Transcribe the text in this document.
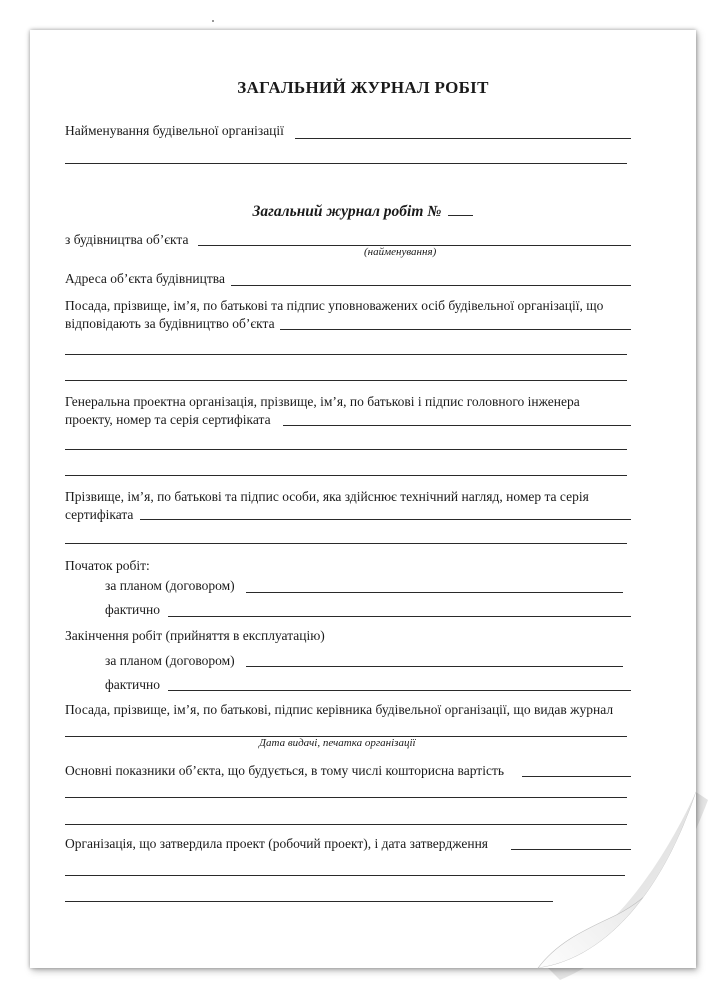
ЗАГАЛЬНИЙ ЖУРНАЛ РОБІТ
Найменування будівельної організації
Загальний журнал робіт №
з будівництва об’єкта
(найменування)
Адреса об’єкта будівництва
Посада, прізвище, ім’я, по батькові та підпис уповноважених осіб будівельної організації, що
відповідають за будівництво об’єкта
Генеральна проектна організація, прізвище, ім’я, по батькові і підпис головного інженера
проекту, номер та серія сертифіката
Прізвище, ім’я, по батькові та підпис особи, яка здійснює технічний нагляд, номер та серія
сертифіката
Початок робіт:
за планом (договором)
фактично
Закінчення робіт (прийняття в експлуатацію)
за планом (договором)
фактично
Посада, прізвище, ім’я, по батькові, підпис керівника будівельної організації, що видав журнал
Дата видачі, печатка організації
Основні показники об’єкта, що будується, в тому числі кошторисна вартість
Організація, що затвердила проект (робочий проект), і дата затвердження
